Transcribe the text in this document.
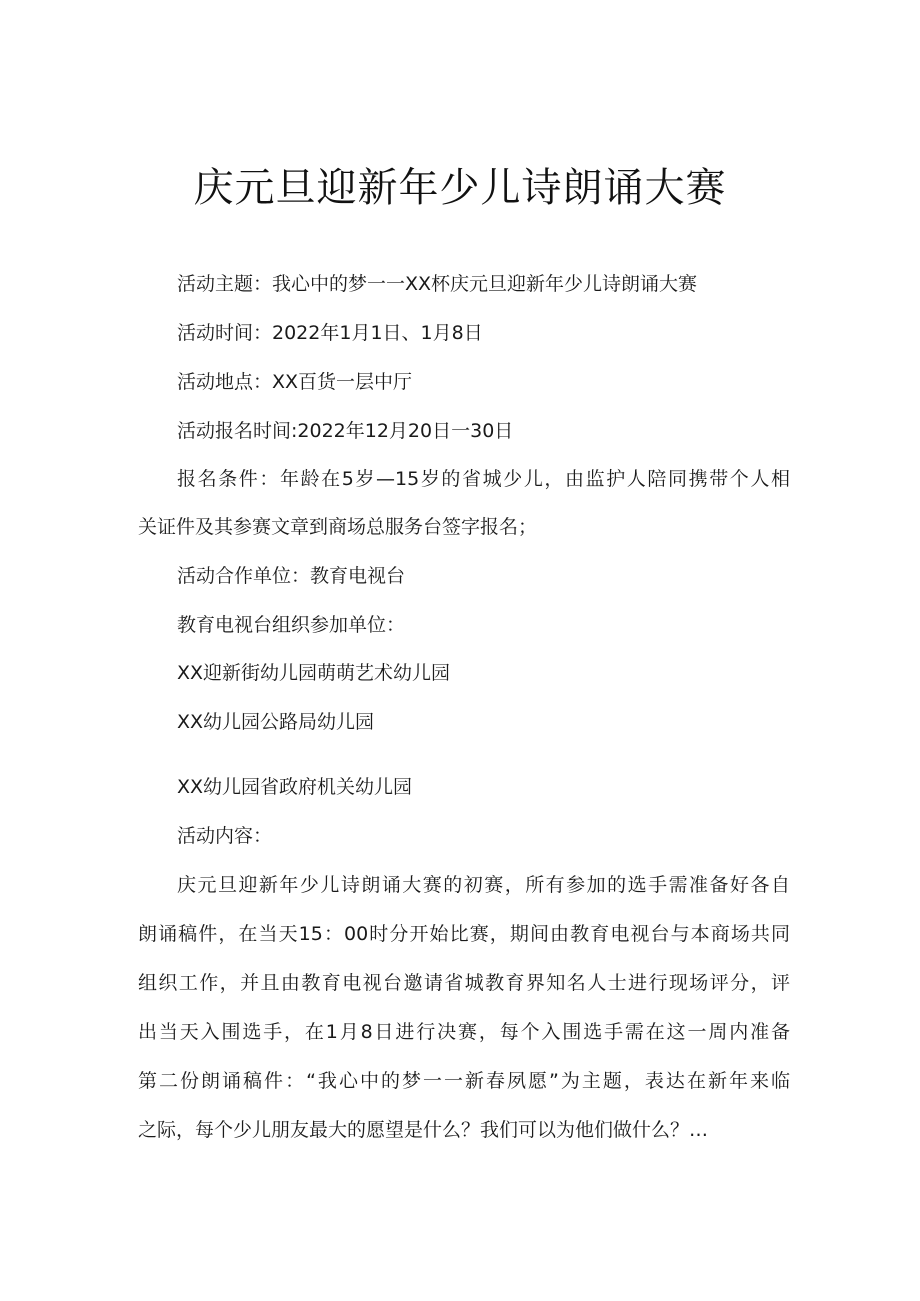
庆元旦迎新年少儿诗朗诵大赛

活动主题：我心中的梦一一XX杯庆元旦迎新年少儿诗朗诵大赛

活动时间：2022年1月1日、1月8日

活动地点：XX百货一层中厅

活动报名时间:2022年12月20日一30日

报名条件：年龄在5岁—15岁的省城少儿，由监护人陪同携带个人相
关证件及其参赛文章到商场总服务台签字报名；

活动合作单位：教育电视台

教育电视台组织参加单位：

XX迎新街幼儿园萌萌艺术幼儿园

XX幼儿园公路局幼儿园

XX幼儿园省政府机关幼儿园

活动内容：

庆元旦迎新年少儿诗朗诵大赛的初赛，所有参加的选手需准备好各自
朗诵稿件，在当天15：00时分开始比赛，期间由教育电视台与本商场共同
组织工作，并且由教育电视台邀请省城教育界知名人士进行现场评分，评
出当天入围选手，在1月8日进行决赛，每个入围选手需在这一周内准备
第二份朗诵稿件：“我心中的梦一一新春夙愿”为主题，表达在新年来临
之际，每个少儿朋友最大的愿望是什么？我们可以为他们做什么？…
